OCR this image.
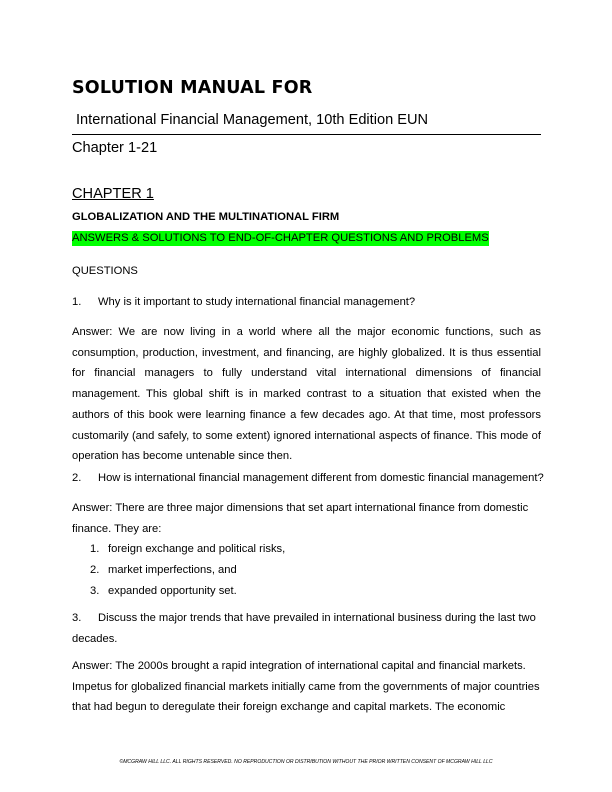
SOLUTION MANUAL FOR
International Financial Management, 10th Edition EUN
Chapter 1-21
CHAPTER 1
GLOBALIZATION AND THE MULTINATIONAL FIRM
ANSWERS & SOLUTIONS TO END-OF-CHAPTER QUESTIONS AND PROBLEMS
QUESTIONS
1. Why is it important to study international financial management?
Answer: We are now living in a world where all the major economic functions, such as consumption, production, investment, and financing, are highly globalized. It is thus essential for financial managers to fully understand vital international dimensions of financial management. This global shift is in marked contrast to a situation that existed when the authors of this book were learning finance a few decades ago. At that time, most professors customarily (and safely, to some extent) ignored international aspects of finance. This mode of operation has become untenable since then.
2. How is international financial management different from domestic financial management?
Answer: There are three major dimensions that set apart international finance from domestic
finance. They are:
1. foreign exchange and political risks,
2. market imperfections, and
3. expanded opportunity set.
3. Discuss the major trends that have prevailed in international business during the last two
decades.
Answer: The 2000s brought a rapid integration of international capital and financial markets.
Impetus for globalized financial markets initially came from the governments of major countries
that had begun to deregulate their foreign exchange and capital markets. The economic
©MCGRAW HILL LLC. ALL RIGHTS RESERVED. NO REPRODUCTION OR DISTRIBUTION WITHOUT THE PRIOR WRITTEN CONSENT OF MCGRAW HILL LLC
